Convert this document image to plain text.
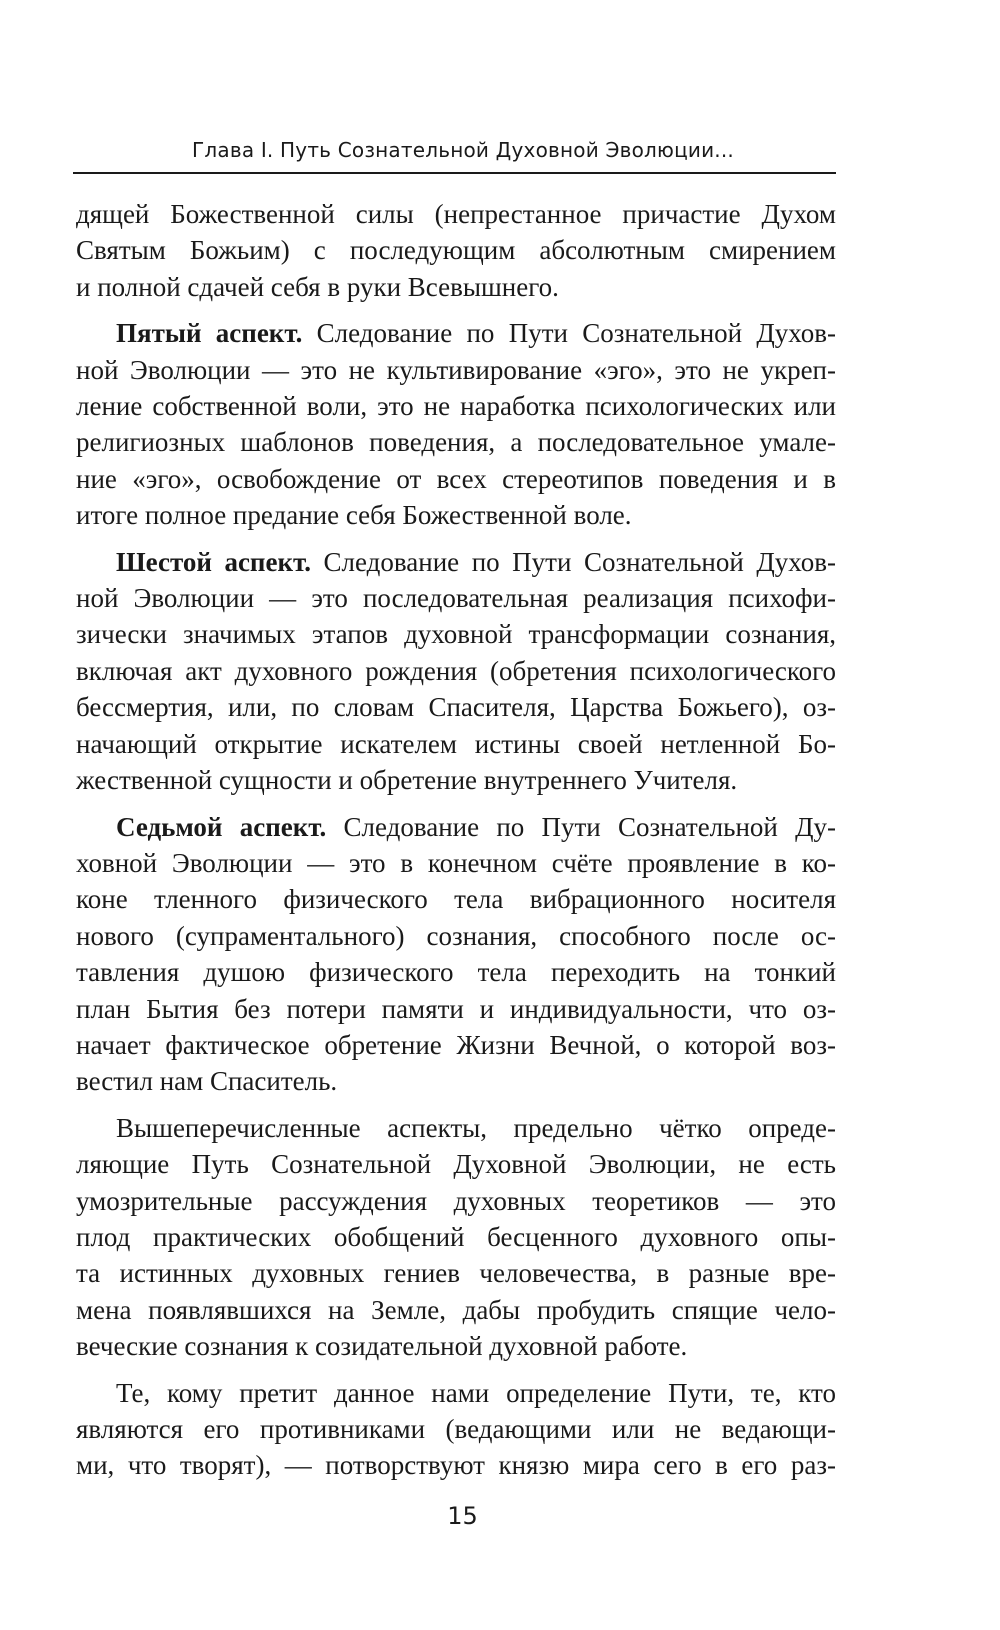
Глава I. Путь Сознательной Духовной Эволюции...

дящей Божественной силы (непрестанное причастие Духом
Святым Божьим) с последующим абсолютным смирением
и полной сдачей себя в руки Всевышнего.

Пятый аспект. Следование по Пути Сознательной Духов-
ной Эволюции — это не культивирование «эго», это не укреп-
ление собственной воли, это не наработка психологических или
религиозных шаблонов поведения, а последовательное умале-
ние «эго», освобождение от всех стереотипов поведения и в
итоге полное предание себя Божественной воле.

Шестой аспект. Следование по Пути Сознательной Духов-
ной Эволюции — это последовательная реализация психофи-
зически значимых этапов духовной трансформации сознания,
включая акт духовного рождения (обретения психологического
бессмертия, или, по словам Спасителя, Царства Божьего), оз-
начающий открытие искателем истины своей нетленной Бо-
жественной сущности и обретение внутреннего Учителя.

Седьмой аспект. Следование по Пути Сознательной Ду-
ховной Эволюции — это в конечном счёте проявление в ко-
коне тленного физического тела вибрационного носителя
нового (супраментального) сознания, способного после ос-
тавления душою физического тела переходить на тонкий
план Бытия без потери памяти и индивидуальности, что оз-
начает фактическое обретение Жизни Вечной, о которой воз-
вестил нам Спаситель.

Вышеперечисленные аспекты, предельно чётко опреде-
ляющие Путь Сознательной Духовной Эволюции, не есть
умозрительные рассуждения духовных теоретиков — это
плод практических обобщений бесценного духовного опы-
та истинных духовных гениев человечества, в разные вре-
мена появлявшихся на Земле, дабы пробудить спящие чело-
веческие сознания к созидательной духовной работе.

Те, кому претит данное нами определение Пути, те, кто
являются его противниками (ведающими или не ведающи-
ми, что творят), — потворствуют князю мира сего в его раз-

15
